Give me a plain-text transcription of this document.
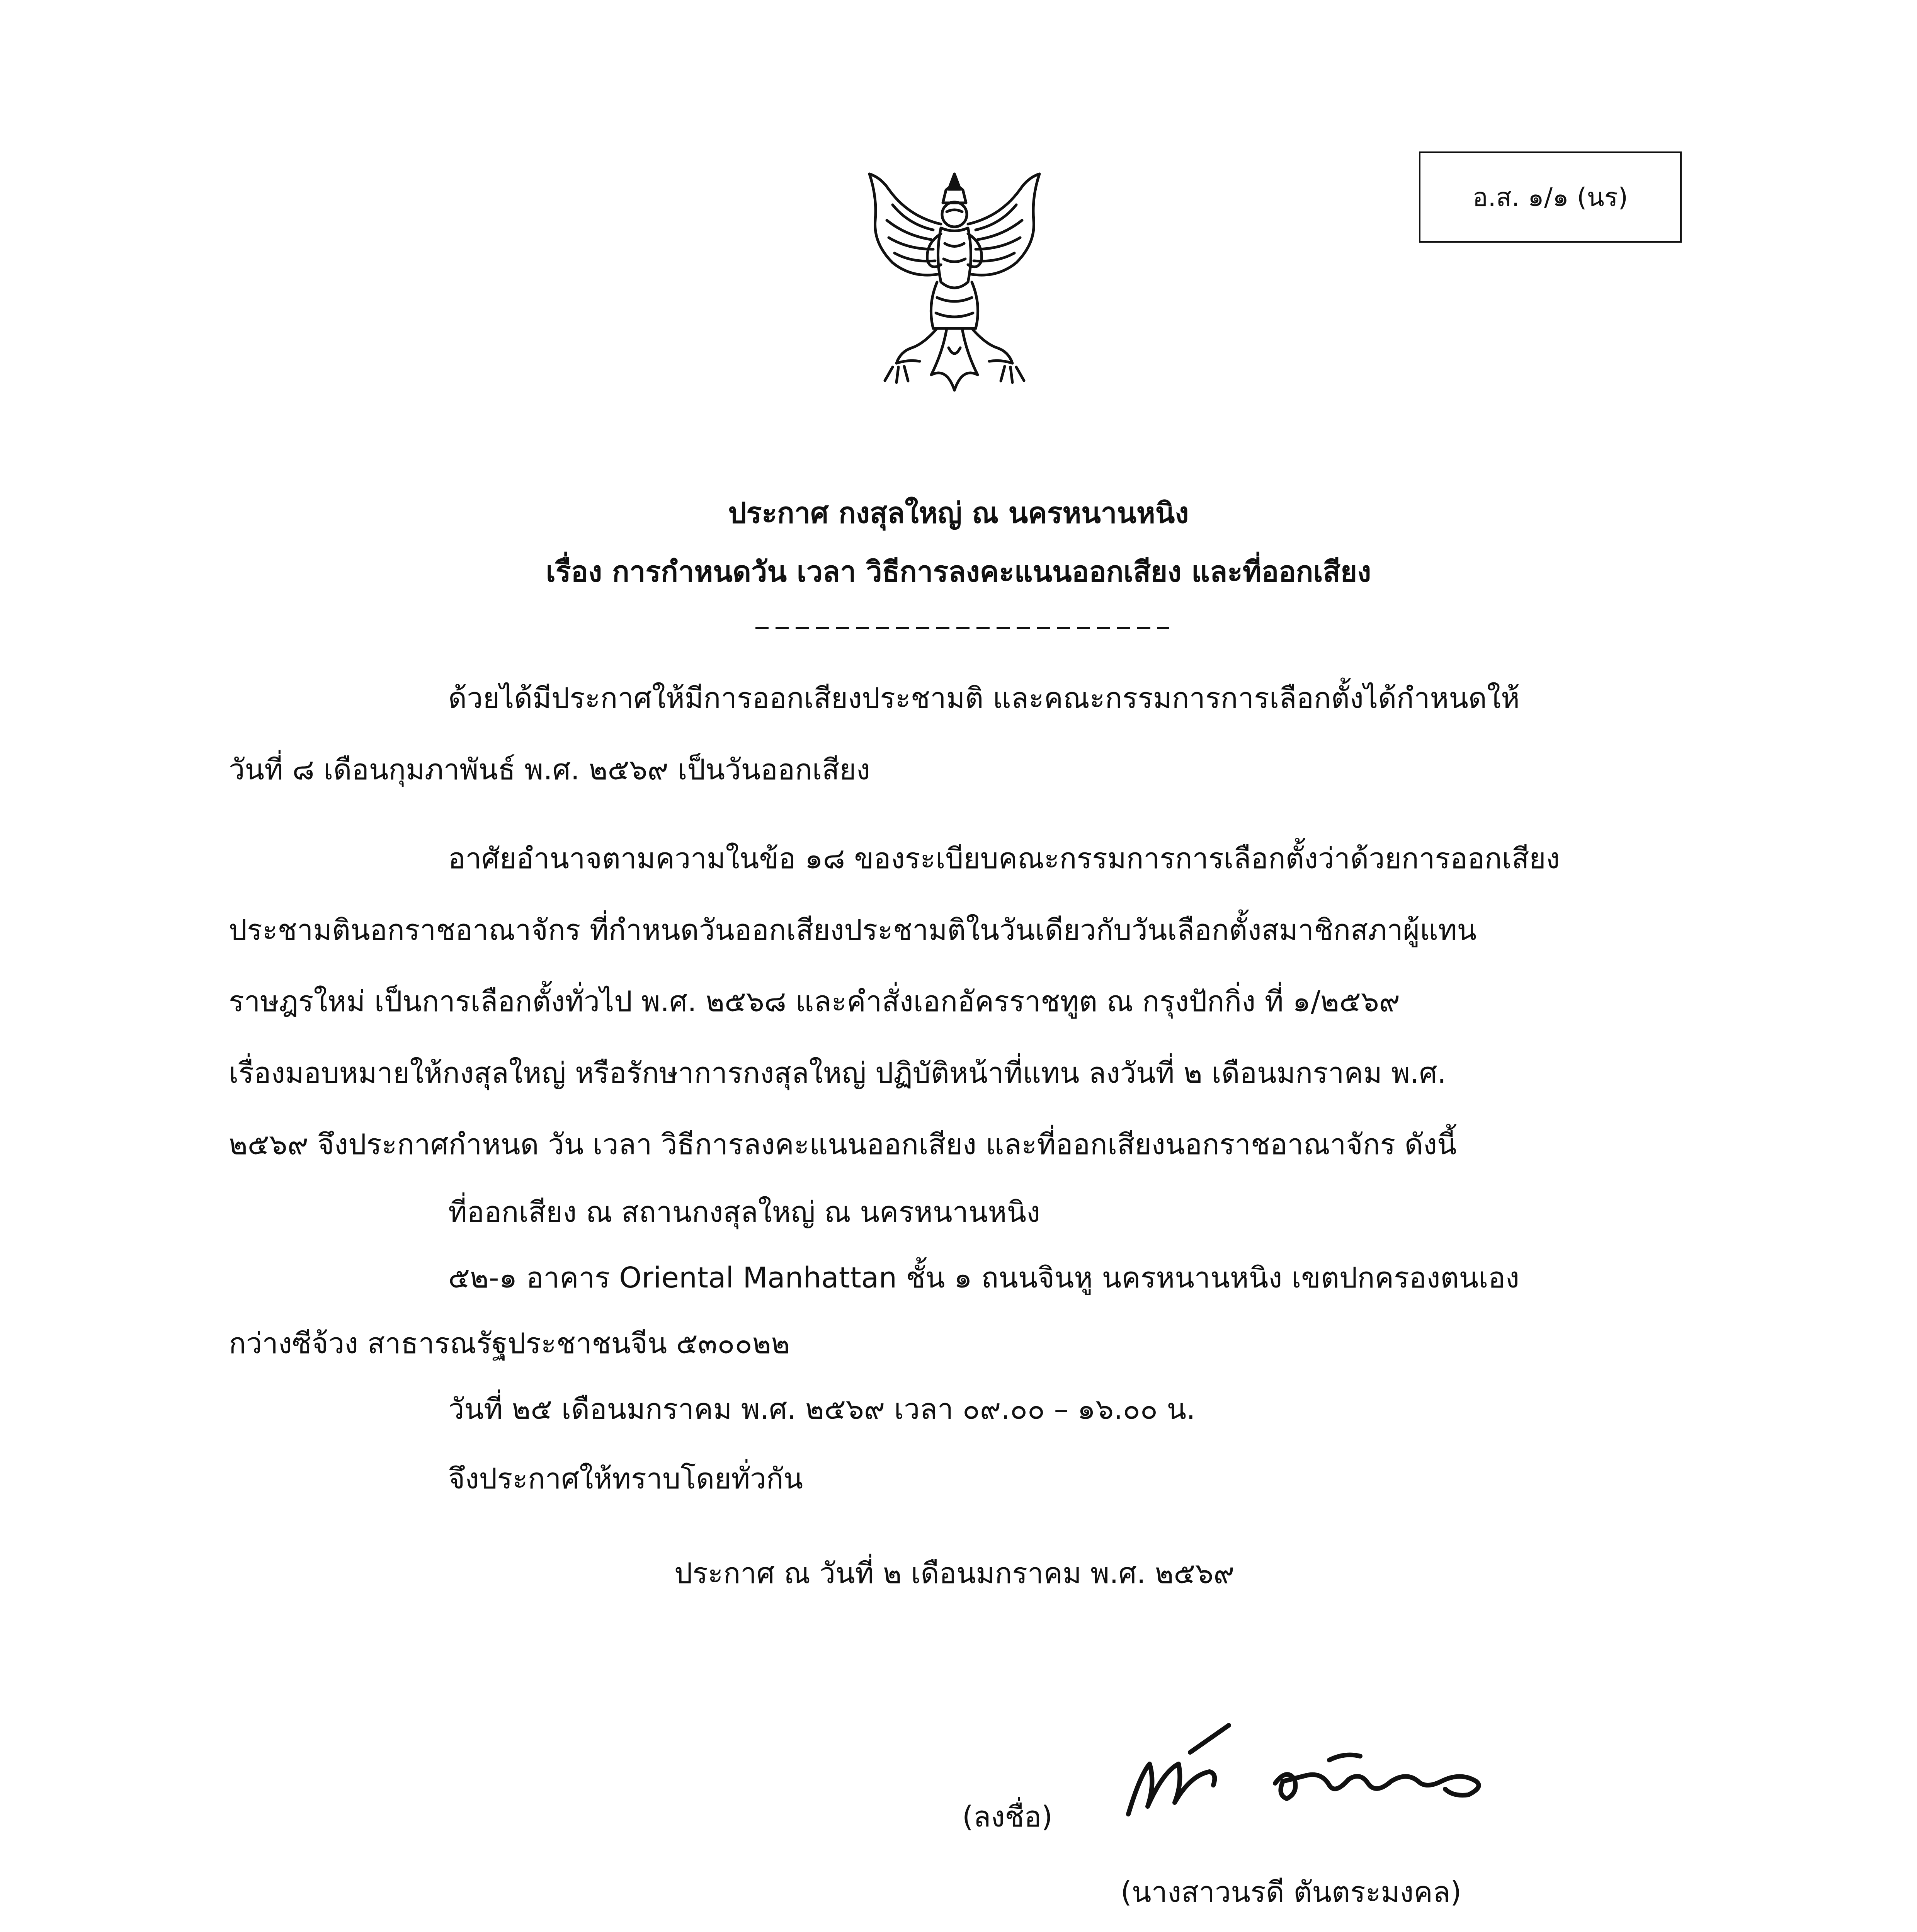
อ.ส. ๑/๑ (นร)
ประกาศ กงสุลใหญ่ ณ นครหนานหนิง
เรื่อง การกำหนดวัน เวลา วิธีการลงคะแนนออกเสียง และที่ออกเสียง
ด้วยได้มีประกาศให้มีการออกเสียงประชามติ และคณะกรรมการการเลือกตั้งได้กำหนดให้
วันที่ ๘ เดือนกุมภาพันธ์ พ.ศ. ๒๕๖๙ เป็นวันออกเสียง
อาศัยอำนาจตามความในข้อ ๑๘ ของระเบียบคณะกรรมการการเลือกตั้งว่าด้วยการออกเสียง
ประชามตินอกราชอาณาจักร ที่กำหนดวันออกเสียงประชามติในวันเดียวกับวันเลือกตั้งสมาชิกสภาผู้แทน
ราษฎรใหม่ เป็นการเลือกตั้งทั่วไป พ.ศ. ๒๕๖๘ และคำสั่งเอกอัครราชทูต ณ กรุงปักกิ่ง ที่ ๑/๒๕๖๙
เรื่องมอบหมายให้กงสุลใหญ่ หรือรักษาการกงสุลใหญ่ ปฏิบัติหน้าที่แทน ลงวันที่ ๒ เดือนมกราคม พ.ศ.
๒๕๖๙ จึงประกาศกำหนด วัน เวลา วิธีการลงคะแนนออกเสียง และที่ออกเสียงนอกราชอาณาจักร ดังนี้
ที่ออกเสียง ณ สถานกงสุลใหญ่ ณ นครหนานหนิง
๕๒-๑ อาคาร Oriental Manhattan ชั้น ๑ ถนนจินหู นครหนานหนิง เขตปกครองตนเอง
กว่างซีจ้วง สาธารณรัฐประชาชนจีน ๕๓๐๐๒๒
วันที่ ๒๕ เดือนมกราคม พ.ศ. ๒๕๖๙ เวลา ๐๙.๐๐ – ๑๖.๐๐ น.
จึงประกาศให้ทราบโดยทั่วกัน
ประกาศ ณ วันที่ ๒ เดือนมกราคม พ.ศ. ๒๕๖๙
(ลงชื่อ)
(นางสาวนรดี ตันตระมงคล)
